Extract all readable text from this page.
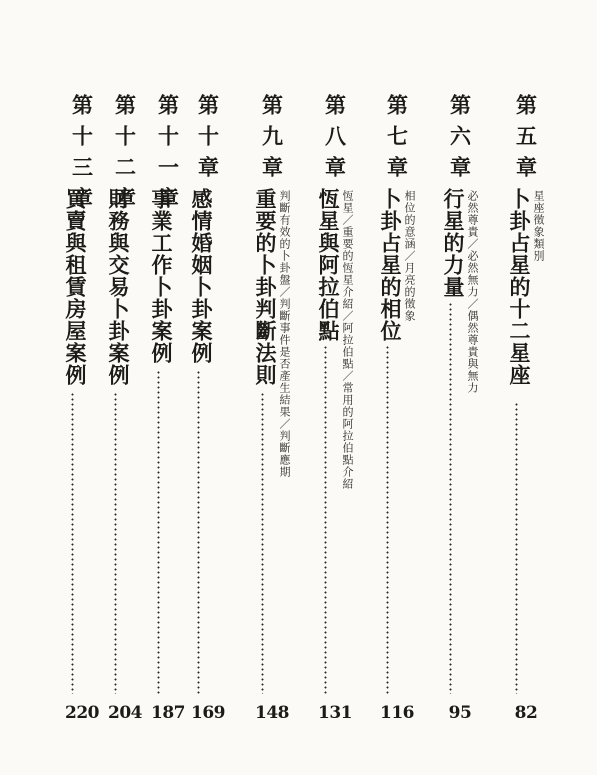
第五章
卜卦占星的十二星座 星座徵象類別
82
第六章
行星的力量 必然尊貴／必然無力／偶然尊貴與無力
95
第七章
卜卦占星的相位 相位的意涵／月亮的徵象
116
第八章
恆星與阿拉伯點 恆星／重要的恆星介紹／阿拉伯點／常用的阿拉伯點介紹
131
第九章
重要的卜卦判斷法則 判斷有效的卜卦盤／判斷事件是否產生結果／判斷應期
148
第十章
感情婚姻卜卦案例
169
第十一章
事業工作卜卦案例
187
第十二章
財務與交易卜卦案例
204
第十三章
買賣與租賃房屋案例
220
